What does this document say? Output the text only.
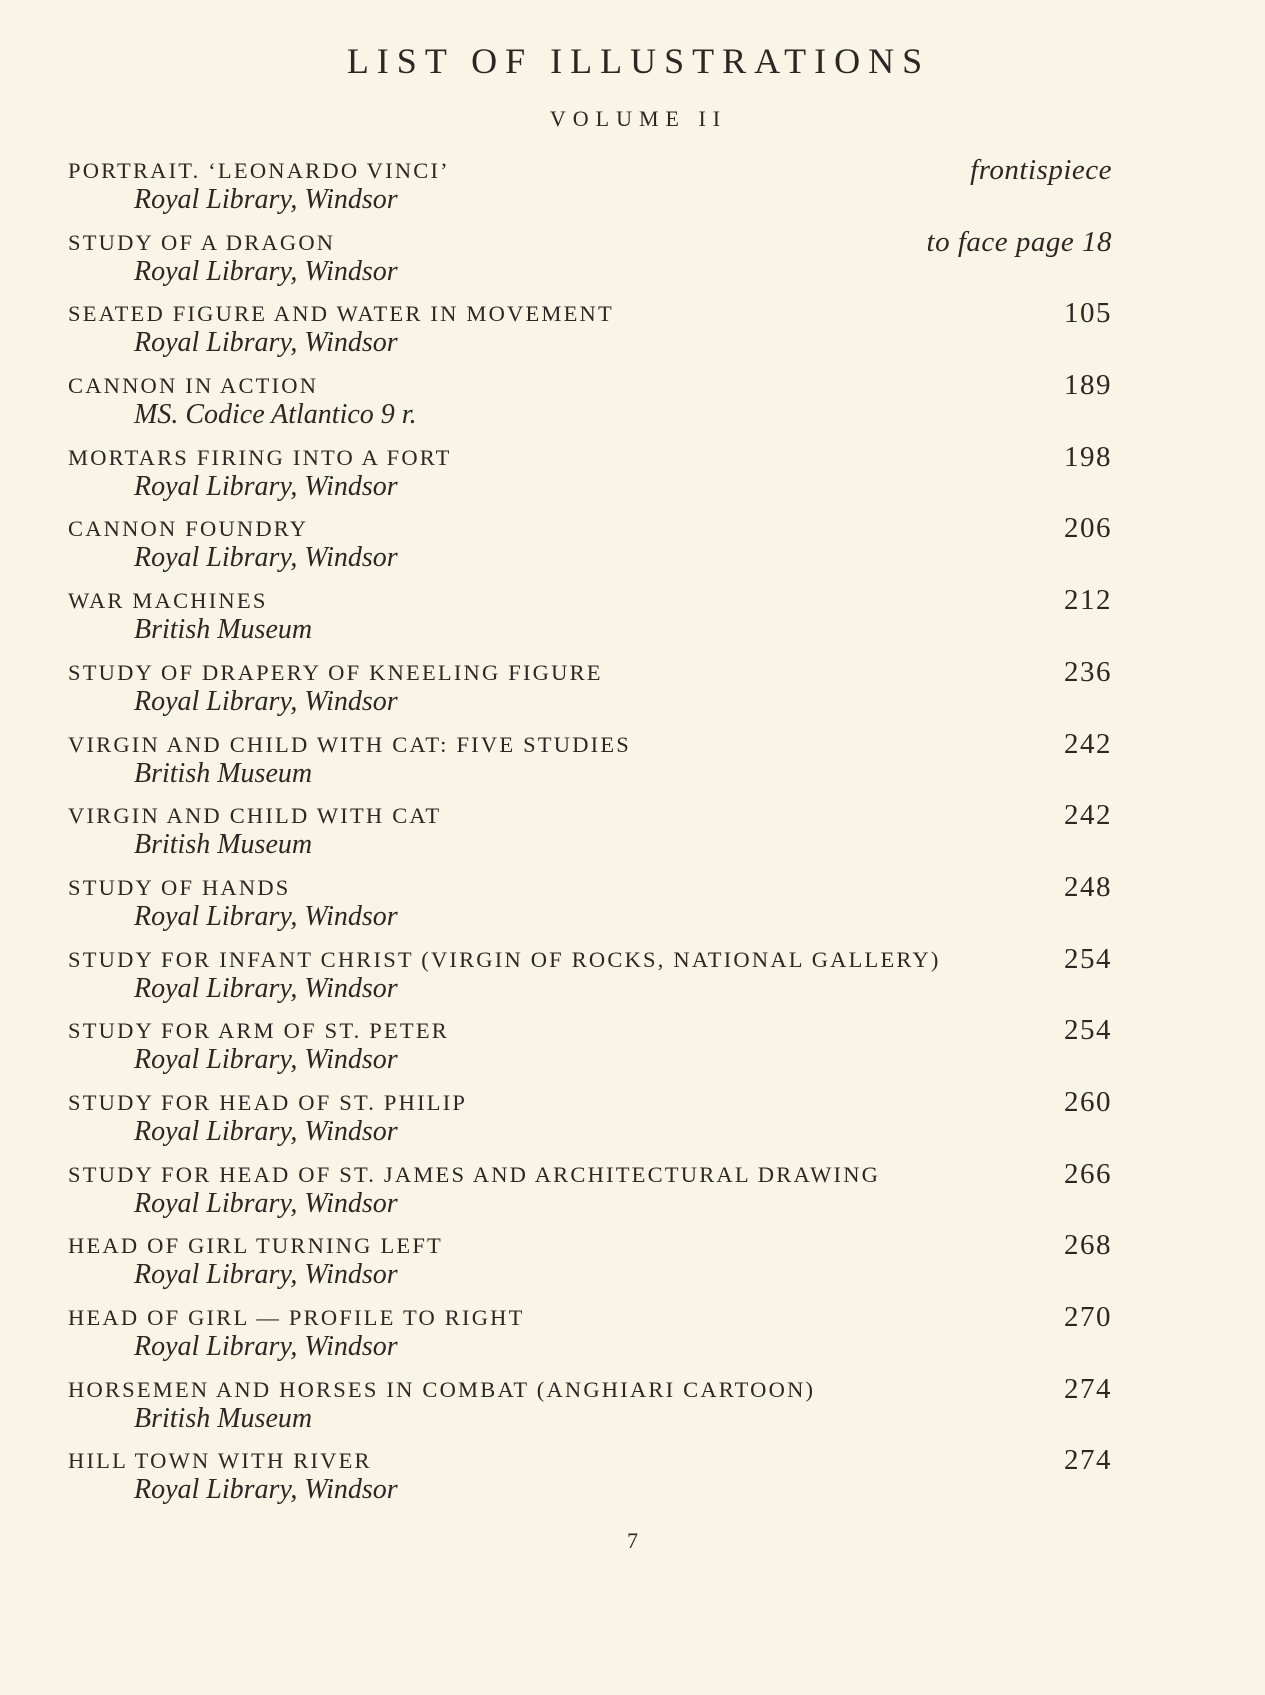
LIST OF ILLUSTRATIONS
VOLUME II
PORTRAIT. ‘LEONARDO VINCI’	frontispiece
Royal Library, Windsor
STUDY OF A DRAGON	to face page 18
Royal Library, Windsor
SEATED FIGURE AND WATER IN MOVEMENT	105
Royal Library, Windsor
CANNON IN ACTION	189
MS. Codice Atlantico 9 r.
MORTARS FIRING INTO A FORT	198
Royal Library, Windsor
CANNON FOUNDRY	206
Royal Library, Windsor
WAR MACHINES	212
British Museum
STUDY OF DRAPERY OF KNEELING FIGURE	236
Royal Library, Windsor
VIRGIN AND CHILD WITH CAT: FIVE STUDIES	242
British Museum
VIRGIN AND CHILD WITH CAT	242
British Museum
STUDY OF HANDS	248
Royal Library, Windsor
STUDY FOR INFANT CHRIST (VIRGIN OF ROCKS, NATIONAL GALLERY)	254
Royal Library, Windsor
STUDY FOR ARM OF ST. PETER	254
Royal Library, Windsor
STUDY FOR HEAD OF ST. PHILIP	260
Royal Library, Windsor
STUDY FOR HEAD OF ST. JAMES AND ARCHITECTURAL DRAWING	266
Royal Library, Windsor
HEAD OF GIRL TURNING LEFT	268
Royal Library, Windsor
HEAD OF GIRL — PROFILE TO RIGHT	270
Royal Library, Windsor
HORSEMEN AND HORSES IN COMBAT (ANGHIARI CARTOON)	274
British Museum
HILL TOWN WITH RIVER	274
Royal Library, Windsor
7
